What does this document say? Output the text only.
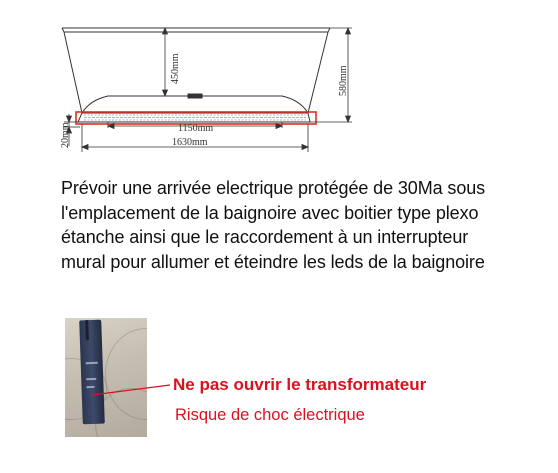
450mm	580mm
1150mm
1630mm
20mm
Prévoir une arrivée electrique protégée de 30Ma sous
l'emplacement de la baignoire avec boitier type plexo
étanche ainsi que le raccordement à un interrupteur
mural pour allumer et éteindre les leds de la baignoire
Ne pas ouvrir le transformateur
Risque de choc électrique
